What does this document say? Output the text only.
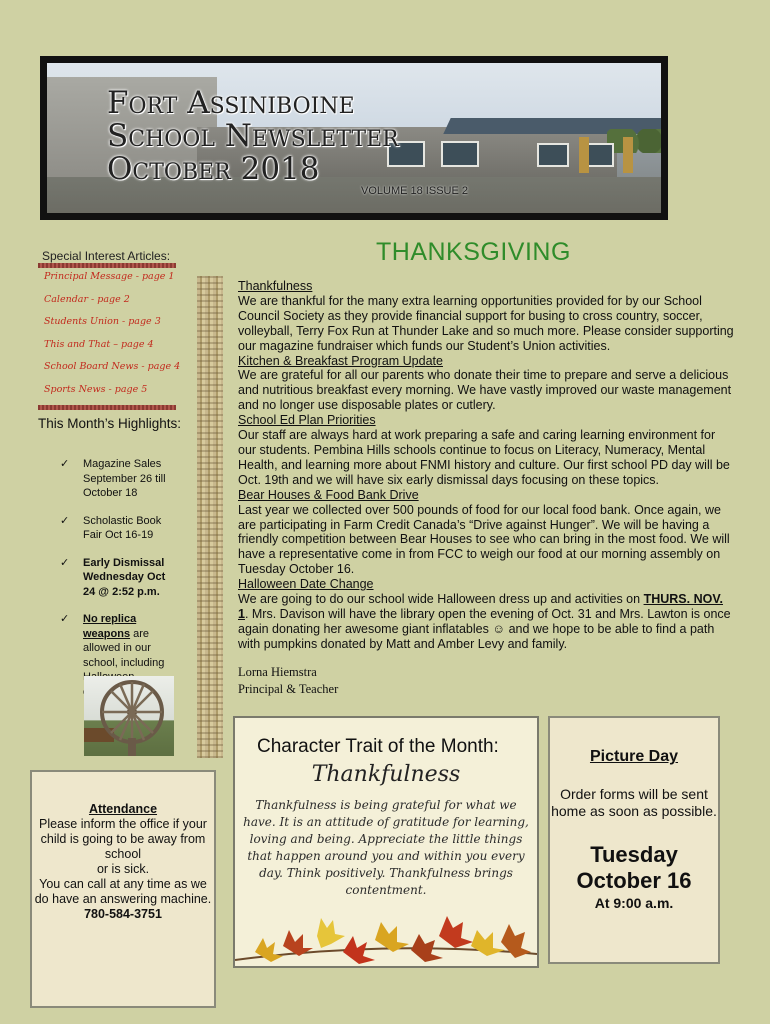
Fort Assiniboine
School Newsletter
October 2018
VOLUME 18 ISSUE 2
Special Interest Articles:
Principal Message - page 1
Calendar - page 2
Students Union - page 3
This and That – page 4
School Board News - page 4
Sports News - page 5
This Month’s Highlights:
✓ Magazine Sales September 26 till October 18
✓ Scholastic Book Fair Oct 16-19
✓ Early Dismissal Wednesday Oct 24 @ 2:52 p.m.
✓ No replica weapons are allowed in our school, including
THANKSGIVING

Thankfulness

We are thankful for the many extra learning opportunities provided for by our School Council Society as they provide financial support for busing to cross country, soccer, volleyball, Terry Fox Run at Thunder Lake and so much more. Please consider supporting our magazine fundraiser which funds our Student’s Union activities.

Kitchen & Breakfast Program Update

We are grateful for all our parents who donate their time to prepare and serve a delicious and nutritious breakfast every morning. We have vastly improved our waste management and no longer use disposable plates or cutlery.

School Ed Plan Priorities

Our staff are always hard at work preparing a safe and caring learning environment for our students. Pembina Hills schools continue to focus on Literacy, Numeracy, Mental Health, and learning more about FNMI history and culture. Our first school PD day will be Oct. 19th and we will have six early dismissal days focusing on these topics.

Bear Houses & Food Bank Drive

Last year we collected over 500 pounds of food for our local food bank. Once again, we are participating in Farm Credit Canada’s “Drive against Hunger”. We will be having a friendly competition between Bear Houses to see who can bring in the most food. We will have a representative come in from FCC to weigh our food at our morning assembly on Tuesday October 16.

Halloween Date Change

We are going to do our school wide Halloween dress up and activities on THURS. NOV. 1. Mrs. Davison will have the library open the evening of Oct. 31 and Mrs. Lawton is once again donating her awesome giant inflatables ☺ and we hope to be able to find a path with pumpkins donated by Matt and Amber Levy and family.

Lorna Hiemstra
Principal & Teacher
Character Trait of the Month:
Thankfulness
Thankfulness is being grateful for what we have. It is an attitude of gratitude for learning, loving and being. Appreciate the little things that happen around you and within you every day. Think positively. Thankfulness brings contentment.

Attendance

Please inform the office if your child is going to be away from school

or is sick.

You can call at any time as we do have an answering machine.

780-584-3751

Picture Day
Order forms will be sent home as soon as possible.
Tuesday
October 16
At 9:00 a.m.
